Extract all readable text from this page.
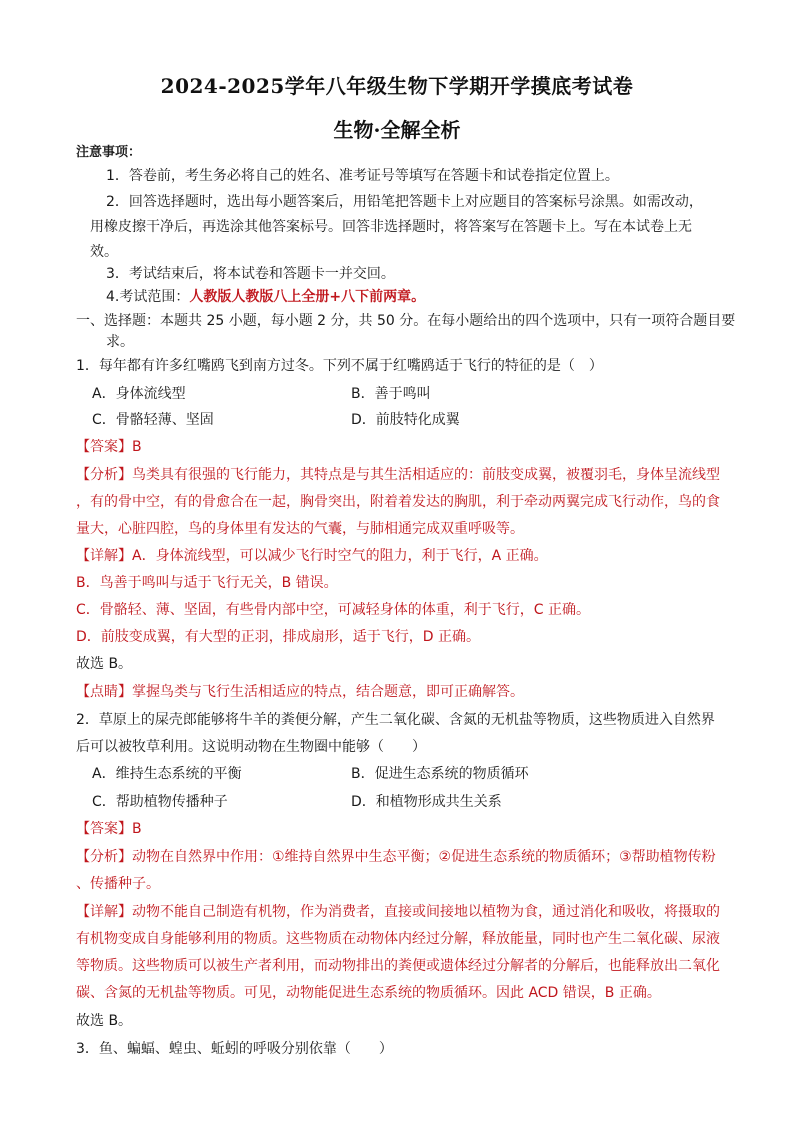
2024-2025学年八年级生物下学期开学摸底考试卷
生物·全解全析
注意事项：
1．答卷前，考生务必将自己的姓名、准考证号等填写在答题卡和试卷指定位置上。
2．回答选择题时，选出每小题答案后，用铅笔把答题卡上对应题目的答案标号涂黑。如需改动，
用橡皮擦干净后，再选涂其他答案标号。回答非选择题时，将答案写在答题卡上。写在本试卷上无
效。
3．考试结束后，将本试卷和答题卡一并交回。
4.考试范围：人教版人教版八上全册+八下前两章。
一、选择题：本题共 25 小题，每小题 2 分，共 50 分。在每小题给出的四个选项中，只有一项符合题目要
求。
1．每年都有许多红嘴鸥飞到南方过冬。下列不属于红嘴鸥适于飞行的特征的是（　）
A．身体流线型	B．善于鸣叫
C．骨骼轻薄、坚固	D．前肢特化成翼
【答案】B
【分析】鸟类具有很强的飞行能力，其特点是与其生活相适应的：前肢变成翼，被覆羽毛，身体呈流线型
，有的骨中空，有的骨愈合在一起，胸骨突出，附着着发达的胸肌，利于牵动两翼完成飞行动作，鸟的食
量大，心脏四腔，鸟的身体里有发达的气囊，与肺相通完成双重呼吸等。
【详解】A．身体流线型，可以减少飞行时空气的阻力，利于飞行，A 正确。
B．鸟善于鸣叫与适于飞行无关，B 错误。
C．骨骼轻、薄、坚固，有些骨内部中空，可减轻身体的体重，利于飞行，C 正确。
D．前肢变成翼，有大型的正羽，排成扇形，适于飞行，D 正确。
故选 B。
【点睛】掌握鸟类与飞行生活相适应的特点，结合题意，即可正确解答。
2．草原上的屎壳郎能够将牛羊的粪便分解，产生二氧化碳、含氮的无机盐等物质，这些物质进入自然界
后可以被牧草利用。这说明动物在生物圈中能够（　　）
A．维持生态系统的平衡	B．促进生态系统的物质循环
C．帮助植物传播种子	D．和植物形成共生关系
【答案】B
【分析】动物在自然界中作用：①维持自然界中生态平衡；②促进生态系统的物质循环；③帮助植物传粉
、传播种子。
【详解】动物不能自己制造有机物，作为消费者，直接或间接地以植物为食，通过消化和吸收，将摄取的
有机物变成自身能够利用的物质。这些物质在动物体内经过分解，释放能量，同时也产生二氧化碳、尿液
等物质。这些物质可以被生产者利用，而动物排出的粪便或遗体经过分解者的分解后，也能释放出二氧化
碳、含氮的无机盐等物质。可见，动物能促进生态系统的物质循环。因此 ACD 错误，B 正确。
故选 B。
3．鱼、蝙蝠、蝗虫、蚯蚓的呼吸分别依靠（　　）
